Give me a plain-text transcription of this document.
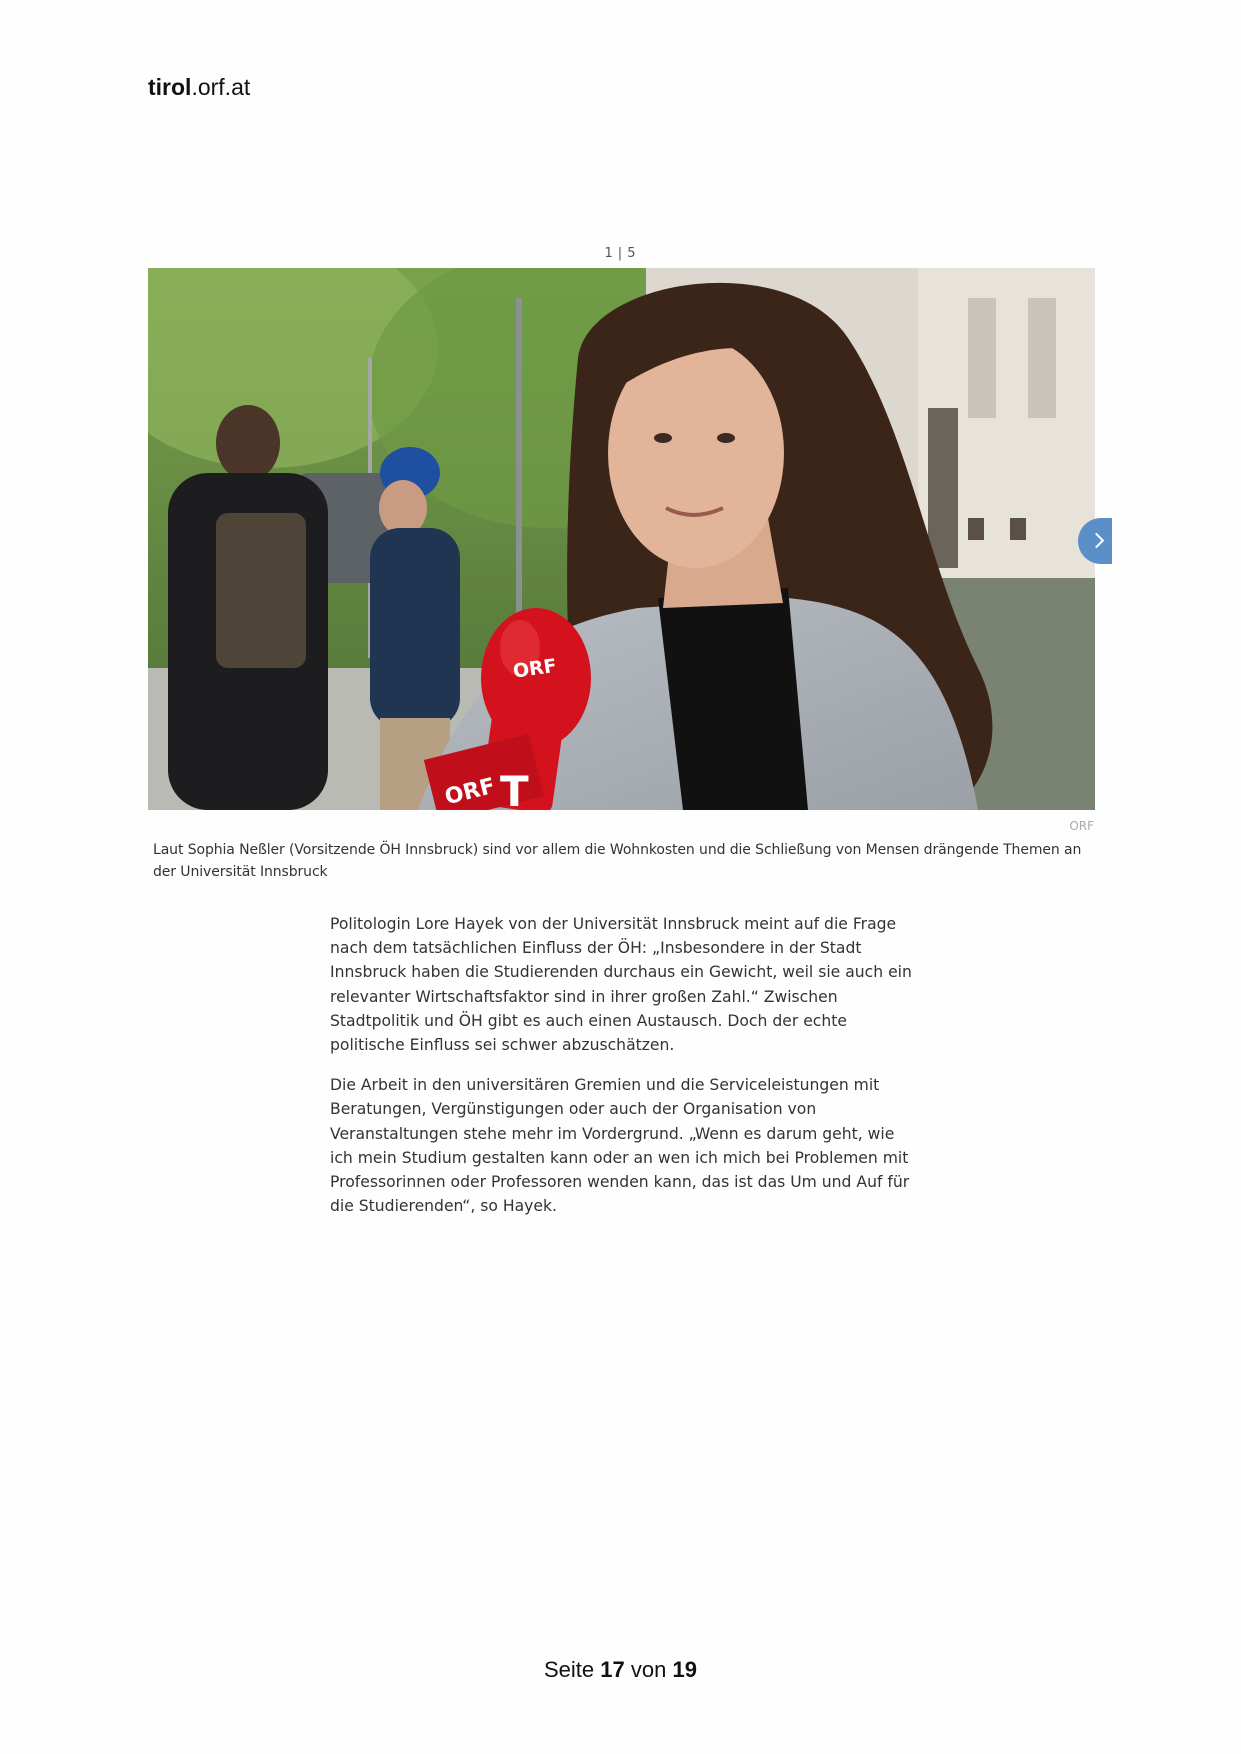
tirol.orf.at
1 | 5
ORF
ORF T
ORF
Laut Sophia Neßler (Vorsitzende ÖH Innsbruck) sind vor allem die Wohnkosten und die Schließung von Mensen drängende Themen an der Universität Innsbruck

Politologin Lore Hayek von der Universität Innsbruck meint auf die Frage nach dem tatsächlichen Einfluss der ÖH: „Insbesondere in der Stadt Innsbruck haben die Studierenden durchaus ein Gewicht, weil sie auch ein relevanter Wirtschaftsfaktor sind in ihrer großen Zahl.“ Zwischen Stadtpolitik und ÖH gibt es auch einen Austausch. Doch der echte politische Einfluss sei schwer abzuschätzen.

Die Arbeit in den universitären Gremien und die Serviceleistungen mit Beratungen, Vergünstigungen oder auch der Organisation von Veranstaltungen stehe mehr im Vordergrund. „Wenn es darum geht, wie ich mein Studium gestalten kann oder an wen ich mich bei Problemen mit Professorinnen oder Professoren wenden kann, das ist das Um und Auf für die Studierenden“, so Hayek.

Seite 17 von 19
